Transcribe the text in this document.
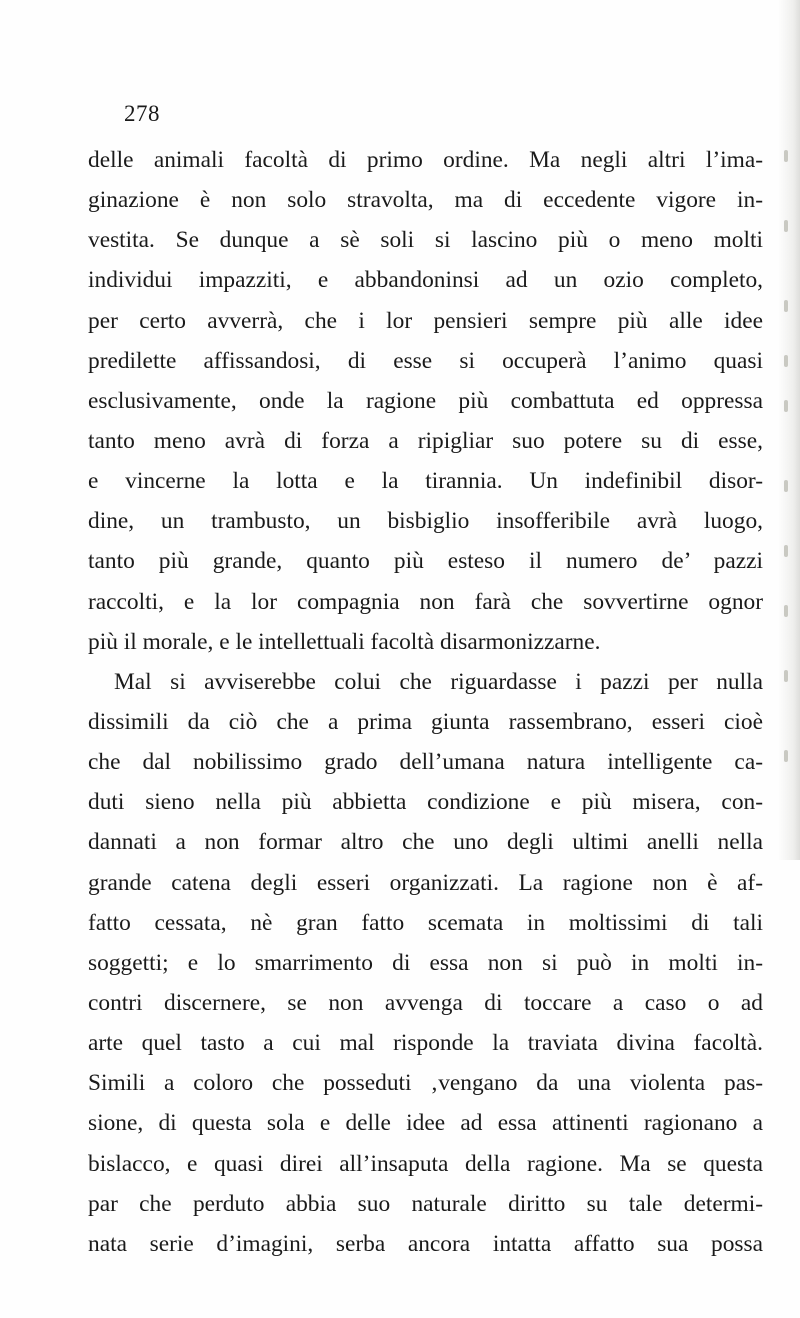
278
delle animali facoltà di primo ordine. Ma negli altri l’ima-
ginazione è non solo stravolta, ma di eccedente vigore in-
vestita. Se dunque a sè soli si lascino più o meno molti
individui impazziti, e abbandoninsi ad un ozio completo,
per certo avverrà, che i lor pensieri sempre più alle idee
predilette affissandosi, di esse si occuperà l’animo quasi
esclusivamente, onde la ragione più combattuta ed oppressa
tanto meno avrà di forza a ripigliar suo potere su di esse,
e vincerne la lotta e la tirannia. Un indefinibil disor-
dine, un trambusto, un bisbiglio insofferibile avrà luogo,
tanto più grande, quanto più esteso il numero de’ pazzi
raccolti, e la lor compagnia non farà che sovvertirne ognor
più il morale, e le intellettuali facoltà disarmonizzarne.
Mal si avviserebbe colui che riguardasse i pazzi per nulla
dissimili da ciò che a prima giunta rassembrano, esseri cioè
che dal nobilissimo grado dell’umana natura intelligente ca-
duti sieno nella più abbietta condizione e più misera, con-
dannati a non formar altro che uno degli ultimi anelli nella
grande catena degli esseri organizzati. La ragione non è af-
fatto cessata, nè gran fatto scemata in moltissimi di tali
soggetti; e lo smarrimento di essa non si può in molti in-
contri discernere, se non avvenga di toccare a caso o ad
arte quel tasto a cui mal risponde la traviata divina facoltà.
Simili a coloro che posseduti ‚vengano da una violenta pas-
sione, di questa sola e delle idee ad essa attinenti ragionano a
bislacco, e quasi direi all’insaputa della ragione. Ma se questa
par che perduto abbia suo naturale diritto su tale determi-
nata serie d’imagini, serba ancora intatta affatto sua possa
